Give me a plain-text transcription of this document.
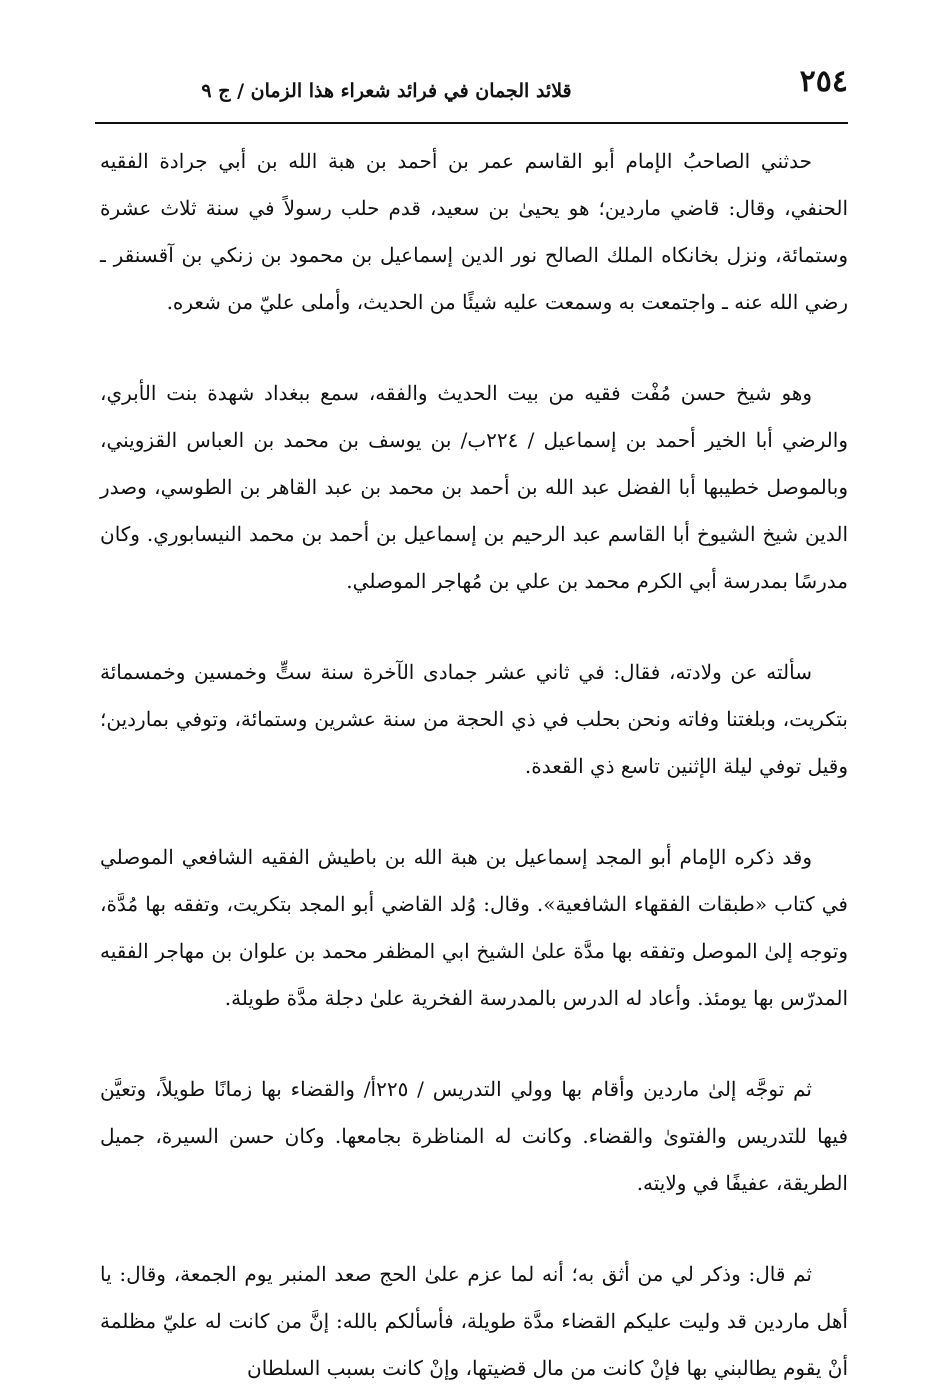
٢٥٤
قلائد الجمان في فرائد شعراء هذا الزمان / ج ٩

حدثني الصاحبُ الإمام أبو القاسم عمر بن أحمد بن هبة الله بن أبي جرادة الفقيه الحنفي، وقال: قاضي ماردين؛ هو يحيىٰ بن سعيد، قدم حلب رسولاً في سنة ثلاث عشرة وستمائة، ونزل بخانكاه الملك الصالح نور الدين إسماعيل بن محمود بن زنكي بن آقسنقر ـ رضي الله عنه ـ واجتمعت به وسمعت عليه شيئًا من الحديث، وأملى عليّ من شعره.

وهو شيخ حسن مُفْت فقيه من بيت الحديث والفقه، سمع ببغداد شهدة بنت الأبري، والرضي أبا الخير أحمد بن إسماعيل / ٢٢٤ب/ بن يوسف بن محمد بن العباس القزويني، وبالموصل خطيبها أبا الفضل عبد الله بن أحمد بن محمد بن عبد القاهر بن الطوسي، وصدر الدين شيخ الشيوخ أبا القاسم عبد الرحيم بن إسماعيل بن أحمد بن محمد النيسابوري. وكان مدرسًا بمدرسة أبي الكرم محمد بن علي بن مُهاجر الموصلي.

سألته عن ولادته، فقال: في ثاني عشر جمادى الآخرة سنة ستٍّ وخمسين وخمسمائة بتكريت، وبلغتنا وفاته ونحن بحلب في ذي الحجة من سنة عشرين وستمائة، وتوفي بماردين؛ وقيل توفي ليلة الإثنين تاسع ذي القعدة.

وقد ذكره الإمام أبو المجد إسماعيل بن هبة الله بن باطيش الفقيه الشافعي الموصلي في كتاب «طبقات الفقهاء الشافعية». وقال: وُلد القاضي أبو المجد بتكريت، وتفقه بها مُدَّة، وتوجه إلىٰ الموصل وتفقه بها مدَّة علىٰ الشيخ ابي المظفر محمد بن علوان بن مهاجر الفقيه المدرّس بها يومئذ. وأعاد له الدرس بالمدرسة الفخرية علىٰ دجلة مدَّة طويلة.

ثم توجَّه إلىٰ ماردين وأقام بها وولي التدريس / ٢٢٥أ/ والقضاء بها زمانًا طويلاً، وتعيَّن فيها للتدريس والفتوىٰ والقضاء. وكانت له المناظرة بجامعها. وكان حسن السيرة، جميل الطريقة، عفيفًا في ولايته.

ثم قال: وذكر لي من أثق به؛ أنه لما عزم علىٰ الحج صعد المنبر يوم الجمعة، وقال: يا أهل ماردين قد وليت عليكم القضاء مدَّة طويلة، فأسألكم بالله: إنَّ من كانت له عليّ مظلمة أنْ يقوم يطالبني بها فإنْ كانت من مال قضيتها، وإنْ كانت بسبب السلطان
